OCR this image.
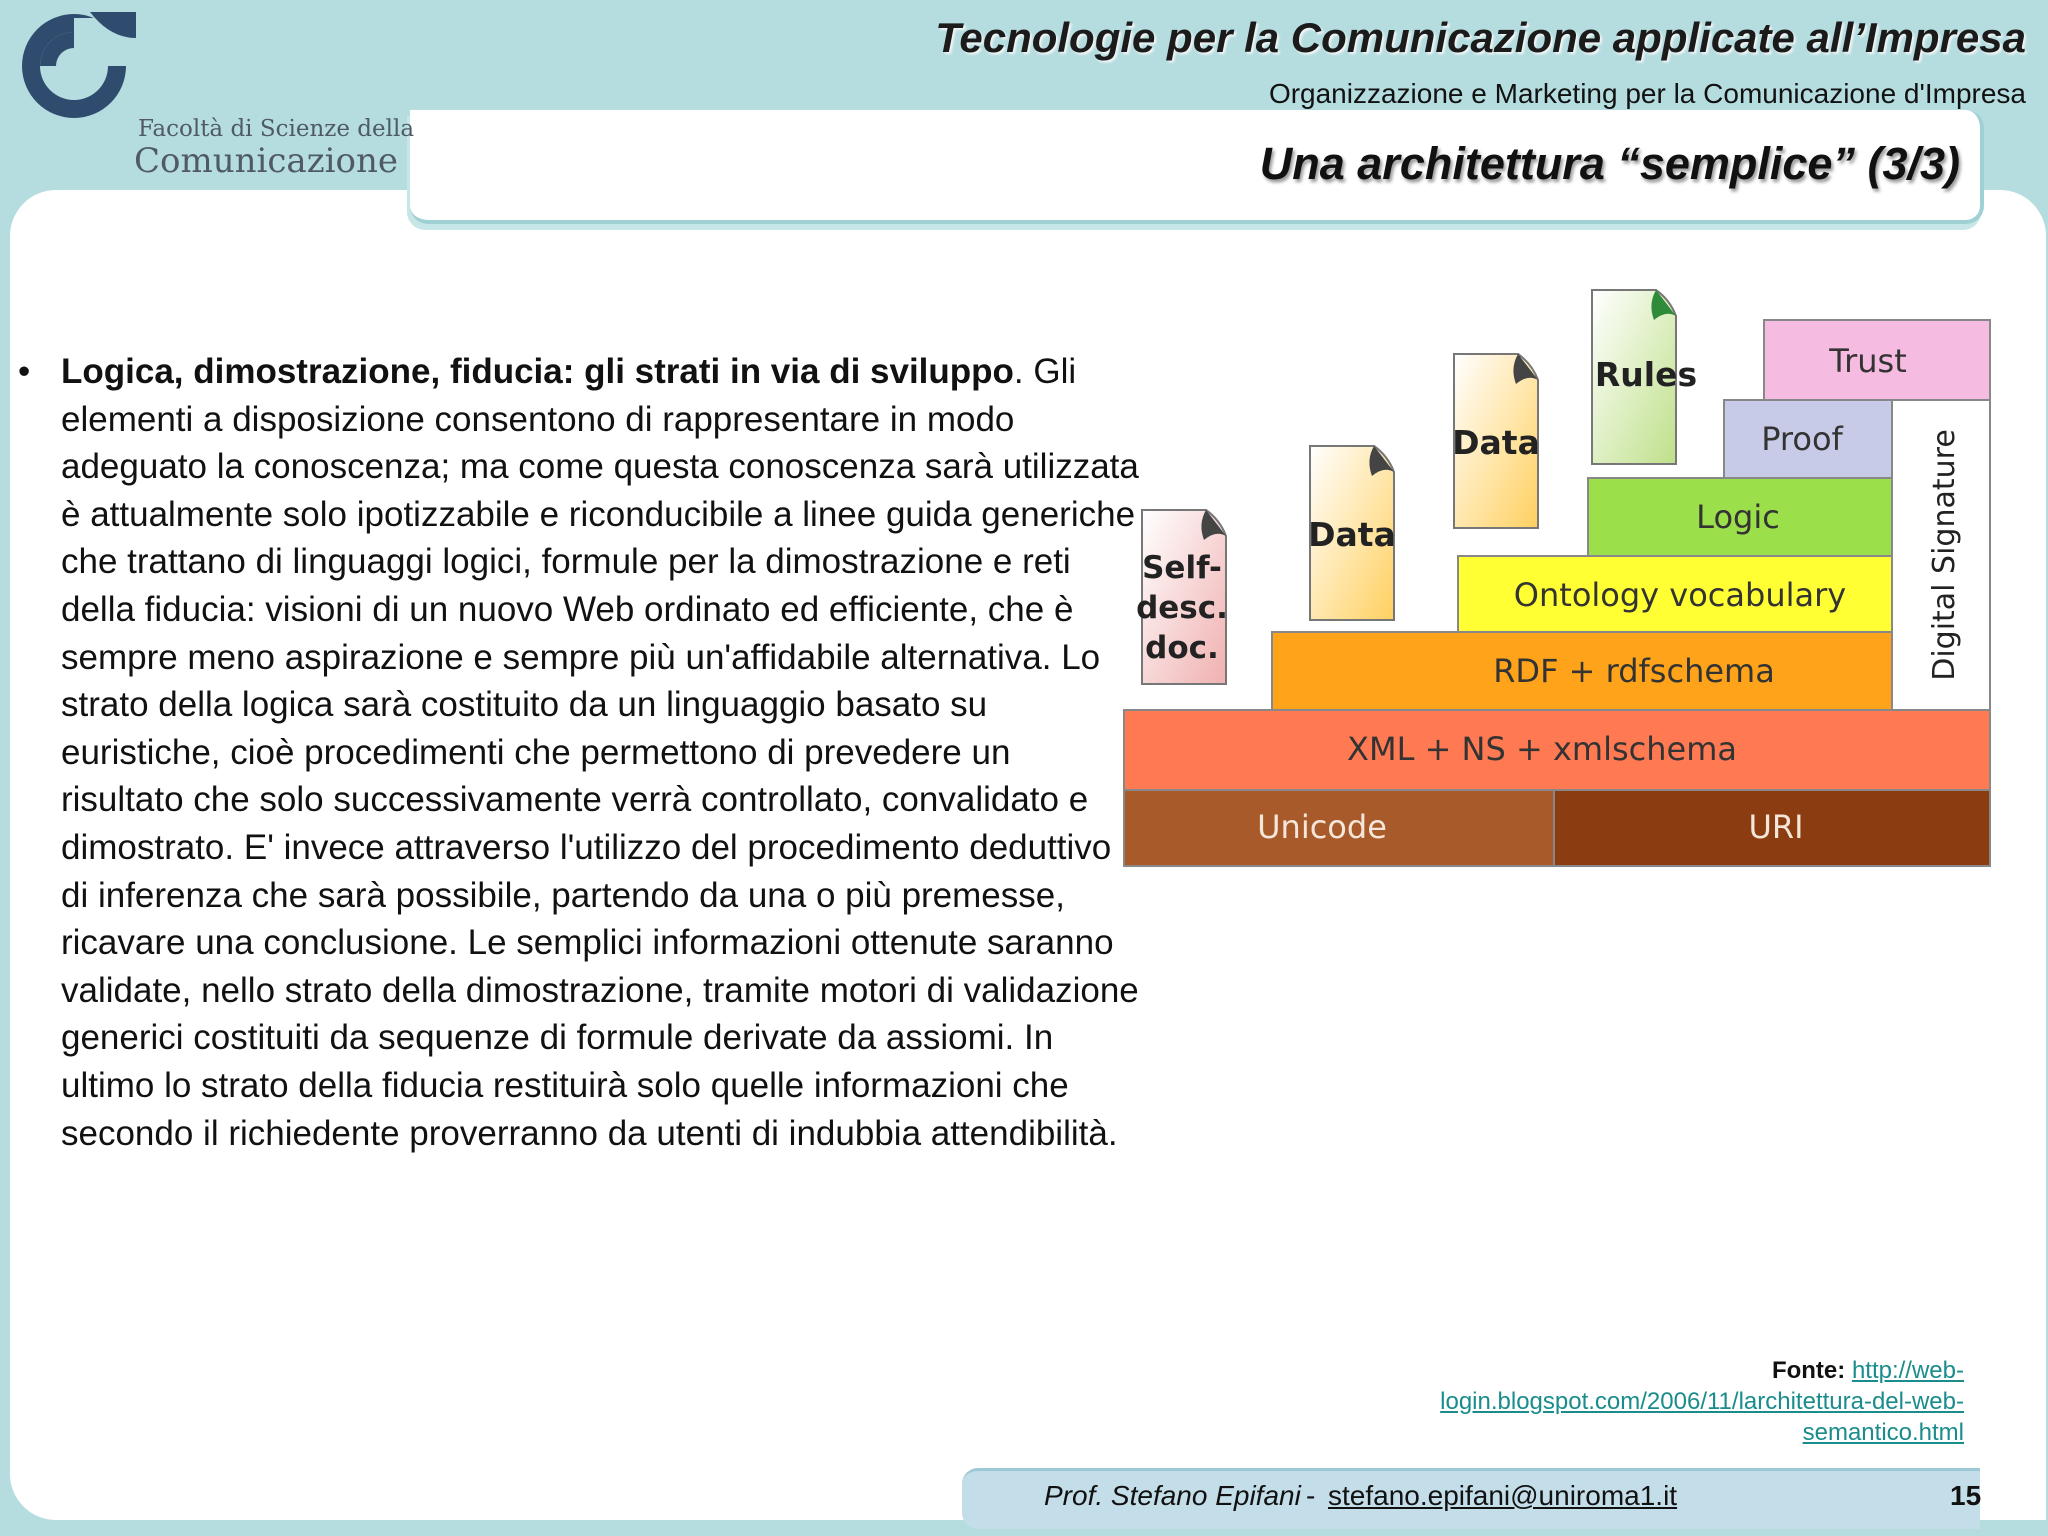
Facoltà di Scienze della
Comunicazione
Tecnologie per la Comunicazione applicate all’Impresa
Organizzazione e Marketing per la Comunicazione d'Impresa
Una architettura “semplice” (3/3)
• Logica, dimostrazione, fiducia: gli strati in via di sviluppo. Gli elementi a disposizione consentono di rappresentare in modo adeguato la conoscenza; ma come questa conoscenza sarà utilizzata è attualmente solo ipotizzabile e riconducibile a linee guida generiche che trattano di linguaggi logici, formule per la dimostrazione e reti della fiducia: visioni di un nuovo Web ordinato ed efficiente, che è sempre meno aspirazione e sempre più un'affidabile alternativa. Lo strato della logica sarà costituito da un linguaggio basato su euristiche, cioè procedimenti che permettono di prevedere un risultato che solo successivamente verrà controllato, convalidato e dimostrato. E' invece attraverso l'utilizzo del procedimento deduttivo di inferenza che sarà possibile, partendo da una o più premesse, ricavare una conclusione. Le semplici informazioni ottenute saranno validate, nello strato della dimostrazione, tramite motori di validazione generici costituiti da sequenze di formule derivate da assiomi. In ultimo lo strato della fiducia restituirà solo quelle informazioni che secondo il richiedente proverranno da utenti di indubbia attendibilità.
Self-
desc.
doc.
Data
Data
Rules	Trust
Digital Signature
Proof
Logic
Ontology vocabulary
RDF + rdfschema
XML + NS + xmlschema
Unicode	URI
Fonte: http://web-login.blogspot.com/2006/11/larchitettura-del-web-semantico.html
Prof. Stefano Epifani - stefano.epifani@uniroma1.it	15
